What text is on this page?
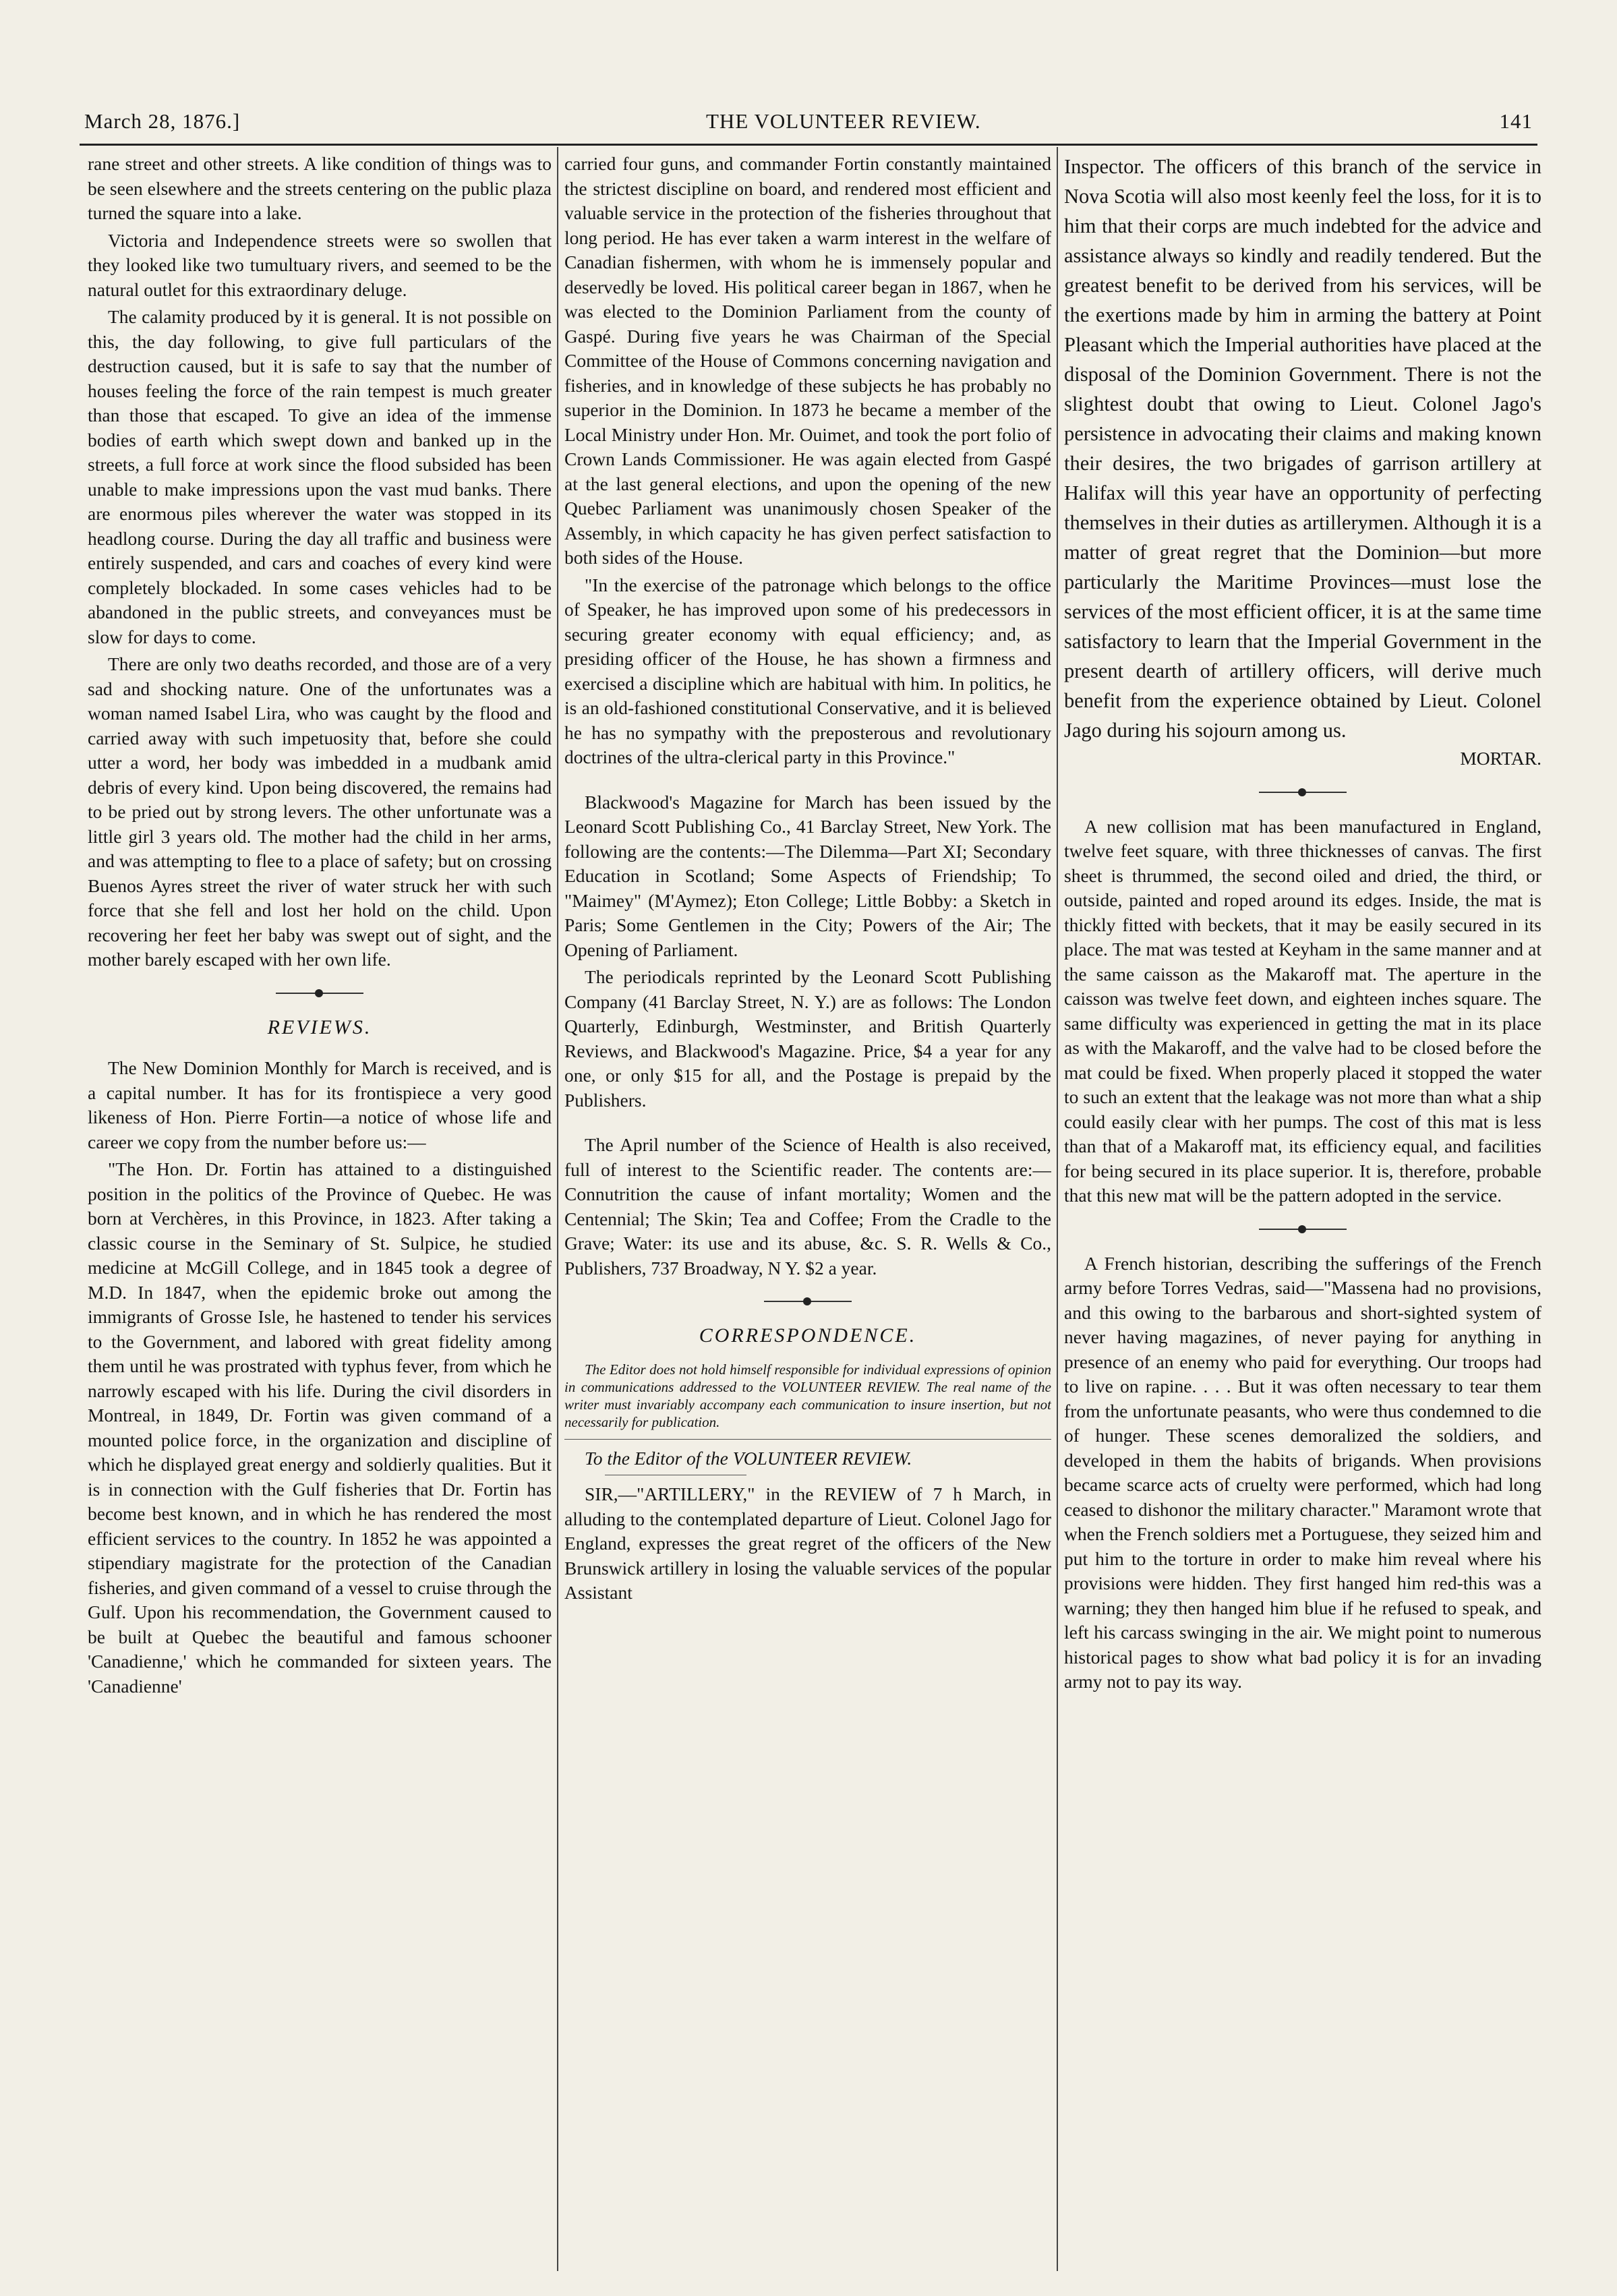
March 28, 1876.]	THE VOLUNTEER REVIEW.	141

rane street and other streets. A like condition of things was to be seen elsewhere and the streets centering on the public plaza turned the square into a lake.

Victoria and Independence streets were so swollen that they looked like two tumultuary rivers, and seemed to be the natural outlet for this extraordinary deluge.

The calamity produced by it is general. It is not possible on this, the day following, to give full particulars of the destruction caused, but it is safe to say that the number of houses feeling the force of the rain tempest is much greater than those that escaped. To give an idea of the immense bodies of earth which swept down and banked up in the streets, a full force at work since the flood subsided has been unable to make impressions upon the vast mud banks. There are enormous piles wherever the water was stopped in its headlong course. During the day all traffic and business were entirely suspended, and cars and coaches of every kind were completely blockaded. In some cases vehicles had to be abandoned in the public streets, and conveyances must be slow for days to come.

There are only two deaths recorded, and those are of a very sad and shocking nature. One of the unfortunates was a woman named Isabel Lira, who was caught by the flood and carried away with such impetuosity that, before she could utter a word, her body was imbedded in a mudbank amid debris of every kind. Upon being discovered, the remains had to be pried out by strong levers. The other unfortunate was a little girl 3 years old. The mother had the child in her arms, and was attempting to flee to a place of safety; but on crossing Buenos Ayres street the river of water struck her with such force that she fell and lost her hold on the child. Upon recovering her feet her baby was swept out of sight, and the mother barely escaped with her own life.

REVIEWS.

The New Dominion Monthly for March is received, and is a capital number. It has for its frontispiece a very good likeness of Hon. Pierre Fortin—a notice of whose life and career we copy from the number before us:—

"The Hon. Dr. Fortin has attained to a distinguished position in the politics of the Province of Quebec. He was born at Verchères, in this Province, in 1823. After taking a classic course in the Seminary of St. Sulpice, he studied medicine at McGill College, and in 1845 took a degree of M.D. In 1847, when the epidemic broke out among the immigrants of Grosse Isle, he hastened to tender his services to the Government, and labored with great fidelity among them until he was prostrated with typhus fever, from which he narrowly escaped with his life. During the civil disorders in Montreal, in 1849, Dr. Fortin was given command of a mounted police force, in the organization and discipline of which he displayed great energy and soldierly qualities. But it is in connection with the Gulf fisheries that Dr. Fortin has become best known, and in which he has rendered the most efficient services to the country. In 1852 he was appointed a stipendiary magistrate for the protection of the Canadian fisheries, and given command of a vessel to cruise through the Gulf. Upon his recommendation, the Government caused to be built at Quebec the beautiful and famous schooner 'Canadienne,' which he commanded for sixteen years. The 'Canadienne'

carried four guns, and commander Fortin constantly maintained the strictest discipline on board, and rendered most efficient and valuable service in the protection of the fisheries throughout that long period. He has ever taken a warm interest in the welfare of Canadian fishermen, with whom he is immensely popular and deservedly be loved. His political career began in 1867, when he was elected to the Dominion Parliament from the county of Gaspé. During five years he was Chairman of the Special Committee of the House of Commons concerning navigation and fisheries, and in knowledge of these subjects he has probably no superior in the Dominion. In 1873 he became a member of the Local Ministry under Hon. Mr. Ouimet, and took the port folio of Crown Lands Commissioner. He was again elected from Gaspé at the last general elections, and upon the opening of the new Quebec Parliament was unanimously chosen Speaker of the Assembly, in which capacity he has given perfect satisfaction to both sides of the House.

"In the exercise of the patronage which belongs to the office of Speaker, he has improved upon some of his predecessors in securing greater economy with equal efficiency; and, as presiding officer of the House, he has shown a firmness and exercised a discipline which are habitual with him. In politics, he is an old-fashioned constitutional Conservative, and it is believed he has no sympathy with the preposterous and revolutionary doctrines of the ultra-clerical party in this Province."

Blackwood's Magazine for March has been issued by the Leonard Scott Publishing Co., 41 Barclay Street, New York. The following are the contents:—The Dilemma—Part XI; Secondary Education in Scotland; Some Aspects of Friendship; To "Maimey" (M'Aymez); Eton College; Little Bobby: a Sketch in Paris; Some Gentlemen in the City; Powers of the Air; The Opening of Parliament.

The periodicals reprinted by the Leonard Scott Publishing Company (41 Barclay Street, N. Y.) are as follows: The London Quarterly, Edinburgh, Westminster, and British Quarterly Reviews, and Blackwood's Magazine. Price, $4 a year for any one, or only $15 for all, and the Postage is prepaid by the Publishers.

The April number of the Science of Health is also received, full of interest to the Scientific reader. The contents are:—Connutrition the cause of infant mortality; Women and the Centennial; The Skin; Tea and Coffee; From the Cradle to the Grave; Water: its use and its abuse, &c. S. R. Wells & Co., Publishers, 737 Broadway, N Y. $2 a year.

CORRESPONDENCE.

The Editor does not hold himself responsible for individual expressions of opinion in communications addressed to the VOLUNTEER REVIEW. The real name of the writer must invariably accompany each communication to insure insertion, but not necessarily for publication.

To the Editor of the VOLUNTEER REVIEW.

SIR,—"ARTILLERY," in the REVIEW of 7 h March, in alluding to the contemplated departure of Lieut. Colonel Jago for England, expresses the great regret of the officers of the New Brunswick artillery in losing the valuable services of the popular Assistant

Inspector. The officers of this branch of the service in Nova Scotia will also most keenly feel the loss, for it is to him that their corps are much indebted for the advice and assistance always so kindly and readily tendered. But the greatest benefit to be derived from his services, will be the exertions made by him in arming the battery at Point Pleasant which the Imperial authorities have placed at the disposal of the Dominion Government. There is not the slightest doubt that owing to Lieut. Colonel Jago's persistence in advocating their claims and making known their desires, the two brigades of garrison artillery at Halifax will this year have an opportunity of perfecting themselves in their duties as artillerymen. Although it is a matter of great regret that the Dominion—but more particularly the Maritime Provinces—must lose the services of the most efficient officer, it is at the same time satisfactory to learn that the Imperial Government in the present dearth of artillery officers, will derive much benefit from the experience obtained by Lieut. Colonel Jago during his sojourn among us.

MORTAR.

A new collision mat has been manufactured in England, twelve feet square, with three thicknesses of canvas. The first sheet is thrummed, the second oiled and dried, the third, or outside, painted and roped around its edges. Inside, the mat is thickly fitted with beckets, that it may be easily secured in its place. The mat was tested at Keyham in the same manner and at the same caisson as the Makaroff mat. The aperture in the caisson was twelve feet down, and eighteen inches square. The same difficulty was experienced in getting the mat in its place as with the Makaroff, and the valve had to be closed before the mat could be fixed. When properly placed it stopped the water to such an extent that the leakage was not more than what a ship could easily clear with her pumps. The cost of this mat is less than that of a Makaroff mat, its efficiency equal, and facilities for being secured in its place superior. It is, therefore, probable that this new mat will be the pattern adopted in the service.

A French historian, describing the sufferings of the French army before Torres Vedras, said—"Massena had no provisions, and this owing to the barbarous and short-sighted system of never having magazines, of never paying for anything in presence of an enemy who paid for everything. Our troops had to live on rapine. . . . But it was often necessary to tear them from the unfortunate peasants, who were thus condemned to die of hunger. These scenes demoralized the soldiers, and developed in them the habits of brigands. When provisions became scarce acts of cruelty were performed, which had long ceased to dishonor the military character." Maramont wrote that when the French soldiers met a Portuguese, they seized him and put him to the torture in order to make him reveal where his provisions were hidden. They first hanged him red-this was a warning; they then hanged him blue if he refused to speak, and left his carcass swinging in the air. We might point to numerous historical pages to show what bad policy it is for an invading army not to pay its way.
